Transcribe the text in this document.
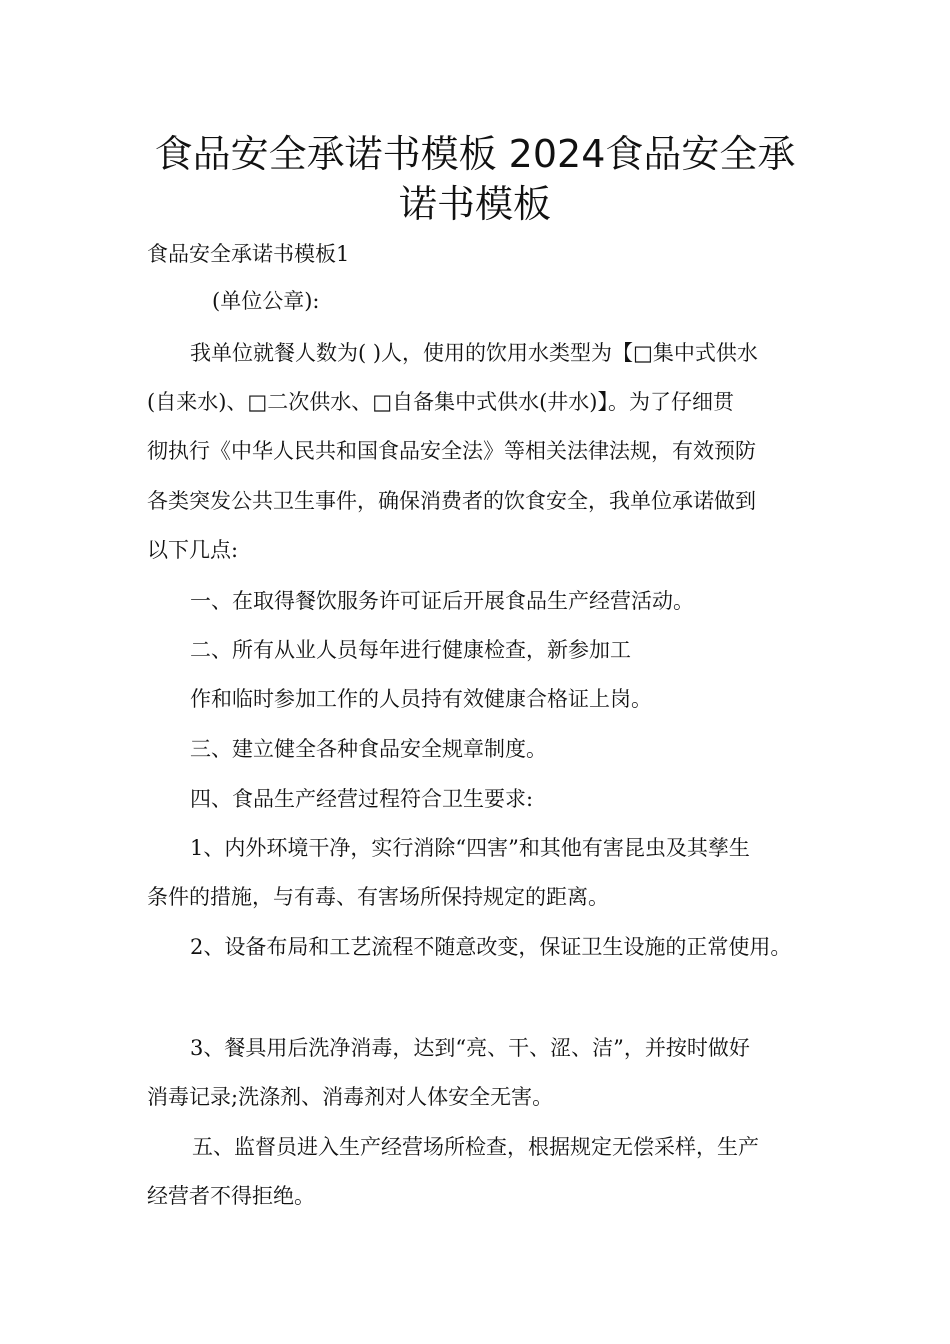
食品安全承诺书模板 2024食品安全承
诺书模板
食品安全承诺书模板1
(单位公章):
我单位就餐人数为( )人，使用的饮用水类型为【□集中式供水
(自来水)、□二次供水、□自备集中式供水(井水)】。为了仔细贯
彻执行《中华人民共和国食品安全法》等相关法律法规，有效预防
各类突发公共卫生事件，确保消费者的饮食安全，我单位承诺做到
以下几点:
一、在取得餐饮服务许可证后开展食品生产经营活动。
二、所有从业人员每年进行健康检查，新参加工
作和临时参加工作的人员持有效健康合格证上岗。
三、建立健全各种食品安全规章制度。
四、食品生产经营过程符合卫生要求:
1、内外环境干净，实行消除“四害”和其他有害昆虫及其孳生
条件的措施，与有毒、有害场所保持规定的距离。
2、设备布局和工艺流程不随意改变，保证卫生设施的正常使用。
3、餐具用后洗净消毒，达到“亮、干、涩、洁”，并按时做好
消毒记录;洗涤剂、消毒剂对人体安全无害。
五、监督员进入生产经营场所检查，根据规定无偿采样，生产
经营者不得拒绝。
